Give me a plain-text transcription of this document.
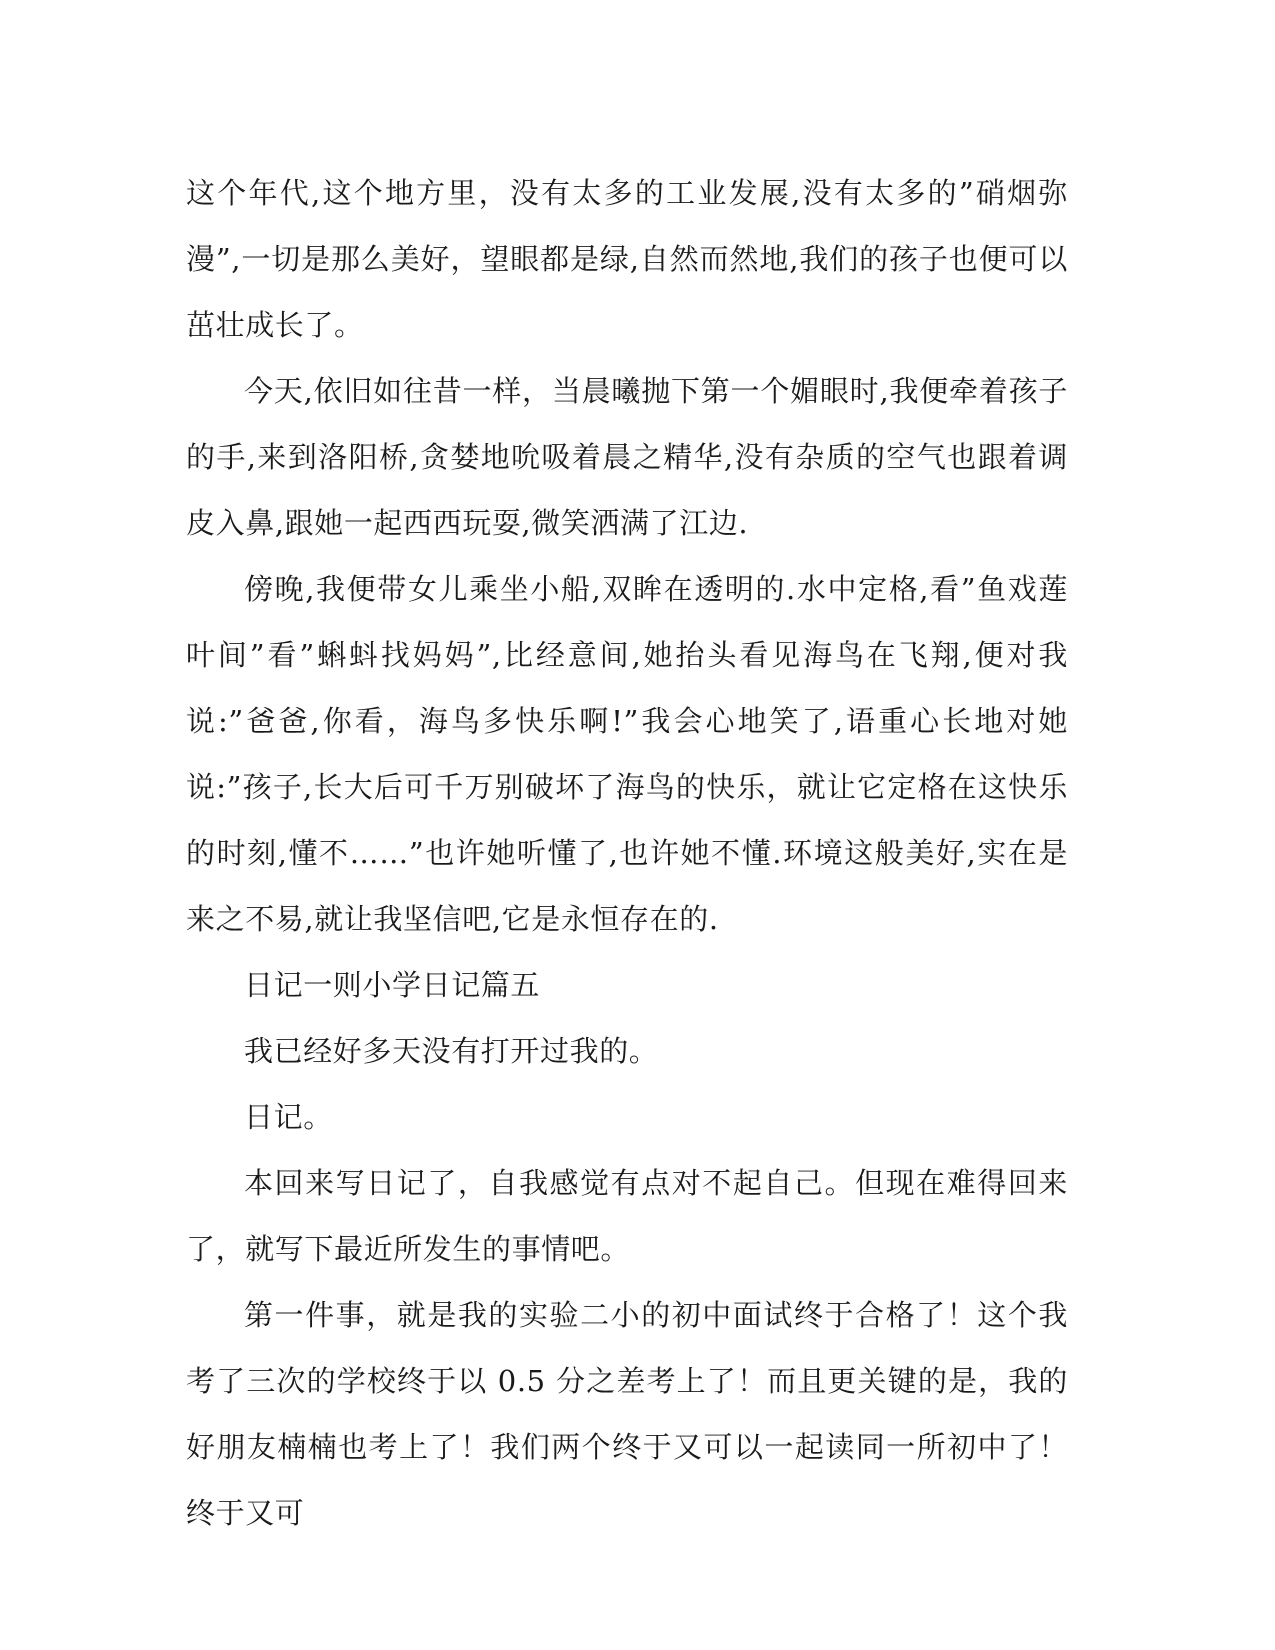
这个年代,这个地方里，没有太多的工业发展,没有太多的”硝烟弥漫”,一切是那么美好，望眼都是绿,自然而然地,我们的孩子也便可以茁壮成长了。

今天,依旧如往昔一样，当晨曦抛下第一个媚眼时,我便牵着孩子的手,来到洛阳桥,贪婪地吮吸着晨之精华,没有杂质的空气也跟着调皮入鼻,跟她一起西西玩耍,微笑洒满了江边.

傍晚,我便带女儿乘坐小船,双眸在透明的.水中定格,看”鱼戏莲叶间”看”蝌蚪找妈妈”,比经意间,她抬头看见海鸟在飞翔,便对我说:”爸爸,你看，海鸟多快乐啊!”我会心地笑了,语重心长地对她说:”孩子,长大后可千万别破坏了海鸟的快乐，就让它定格在这快乐的时刻,懂不……”也许她听懂了,也许她不懂.环境这般美好,实在是来之不易,就让我坚信吧,它是永恒存在的.

日记一则小学日记篇五

我已经好多天没有打开过我的。

日记。

本回来写日记了，自我感觉有点对不起自己。但现在难得回来了，就写下最近所发生的事情吧。

第一件事，就是我的实验二小的初中面试终于合格了！这个我考了三次的学校终于以 0.5 分之差考上了！而且更关键的是，我的好朋友楠楠也考上了！我们两个终于又可以一起读同一所初中了！终于又可
